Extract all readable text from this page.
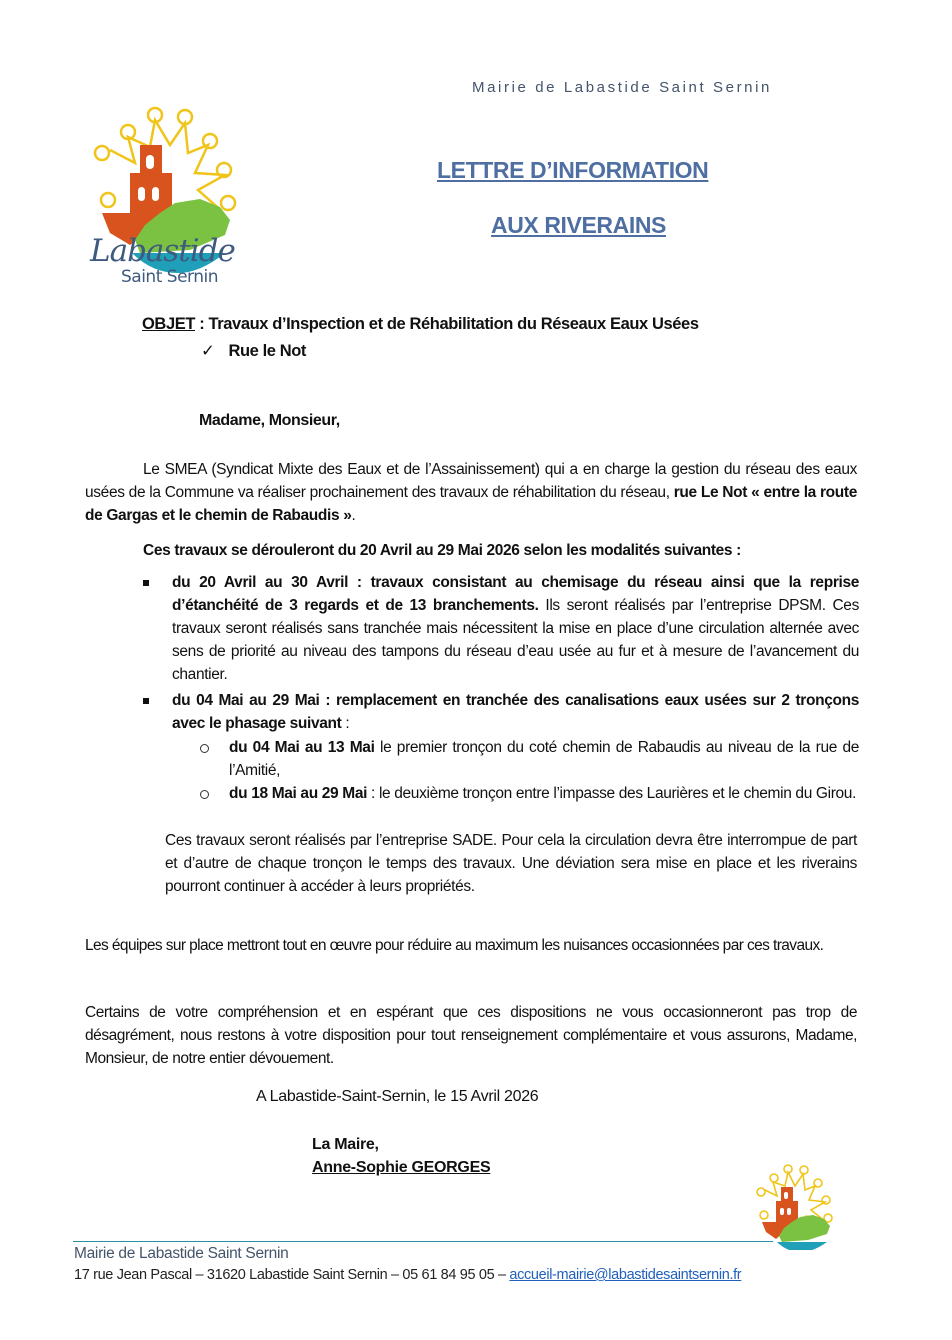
Mairie de Labastide Saint Sernin
Labastide
Saint Sernin
LETTRE D’INFORMATION
AUX RIVERAINS
OBJET : Travaux d’Inspection et de Réhabilitation du Réseaux Eaux Usées
✓ Rue le Not
Madame, Monsieur,
Le SMEA (Syndicat Mixte des Eaux et de l’Assainissement) qui a en charge la gestion du réseau des eaux usées de la Commune va réaliser prochainement des travaux de réhabilitation du réseau, rue Le Not « entre la route de Gargas et le chemin de Rabaudis ».
Ces travaux se dérouleront du 20 Avril au 29 Mai 2026 selon les modalités suivantes :
du 20 Avril au 30 Avril : travaux consistant au chemisage du réseau ainsi que la reprise d’étanchéité de 3 regards et de 13 branchements. Ils seront réalisés par l’entreprise DPSM. Ces travaux seront réalisés sans tranchée mais nécessitent la mise en place d’une circulation alternée avec sens de priorité au niveau des tampons du réseau d’eau usée au fur et à mesure de l’avancement du chantier.
du 04 Mai au 29 Mai : remplacement en tranchée des canalisations eaux usées sur 2 tronçons avec le phasage suivant :
du 04 Mai au 13 Mai le premier tronçon du coté chemin de Rabaudis au niveau de la rue de l’Amitié,
du 18 Mai au 29 Mai : le deuxième tronçon entre l’impasse des Laurières et le chemin du Girou.
Ces travaux seront réalisés par l’entreprise SADE. Pour cela la circulation devra être interrompue de part et d’autre de chaque tronçon le temps des travaux. Une déviation sera mise en place et les riverains pourront continuer à accéder à leurs propriétés.
Les équipes sur place mettront tout en œuvre pour réduire au maximum les nuisances occasionnées par ces travaux.
Certains de votre compréhension et en espérant que ces dispositions ne vous occasionneront pas trop de désagrément, nous restons à votre disposition pour tout renseignement complémentaire et vous assurons, Madame, Monsieur, de notre entier dévouement.
A Labastide-Saint-Sernin, le 15 Avril 2026
La Maire,
Anne-Sophie GEORGES
Mairie de Labastide Saint Sernin
17 rue Jean Pascal – 31620 Labastide Saint Sernin – 05 61 84 95 05 – accueil-mairie@labastidesaintsernin.fr
